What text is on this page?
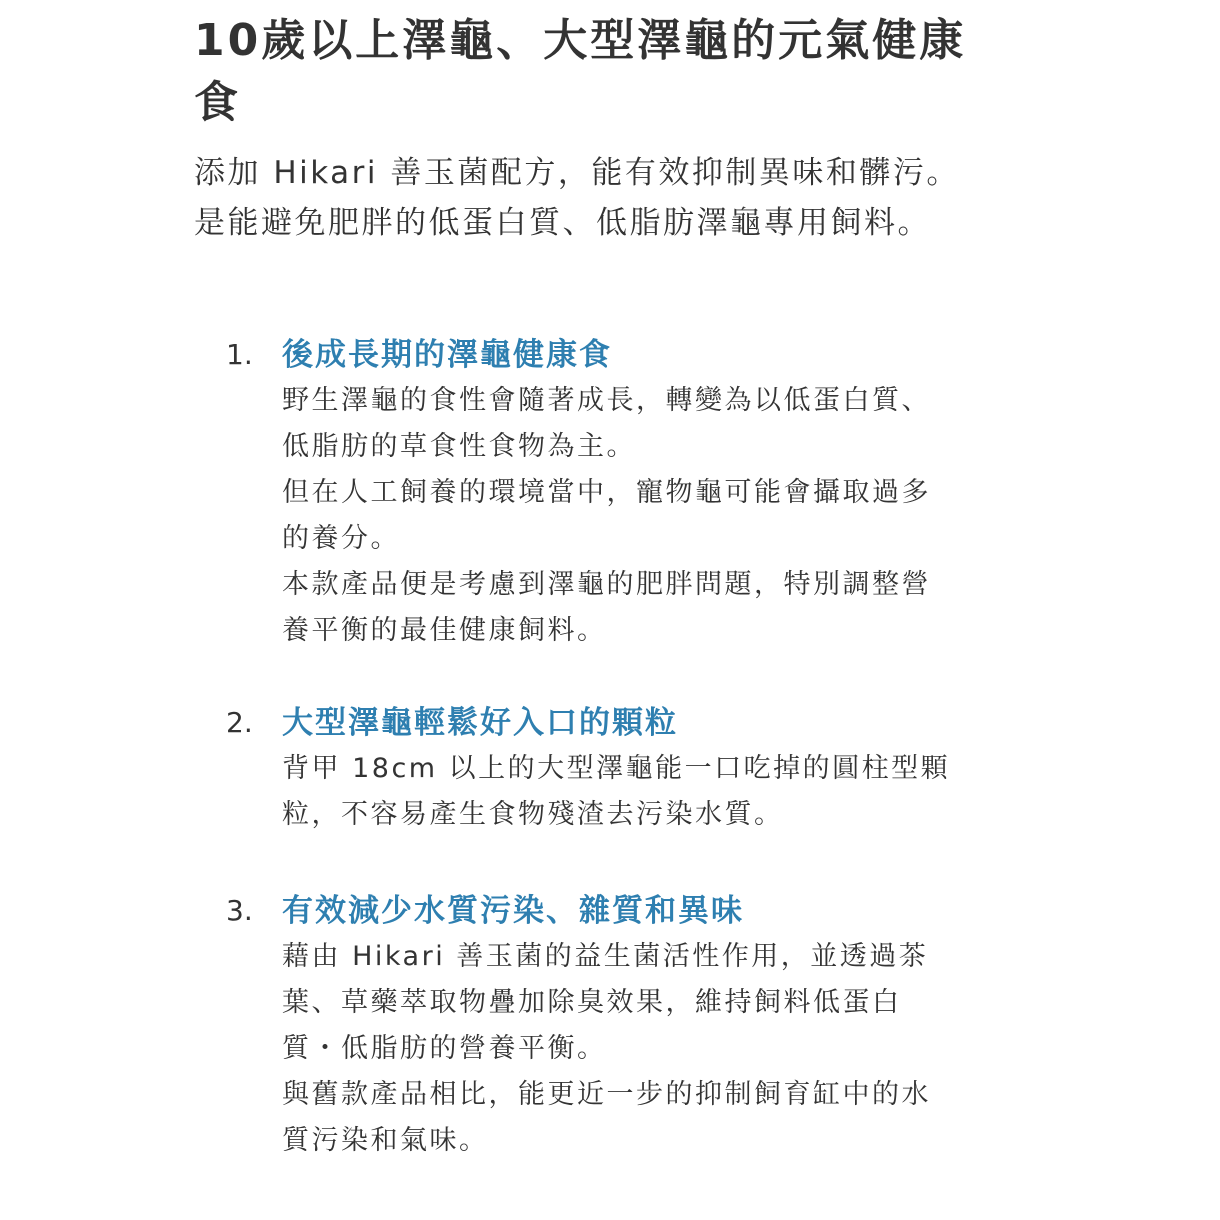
10歲以上澤龜、大型澤龜的元氣健康
食

添加 Hikari 善玉菌配方，能有效抑制異味和髒污。

是能避免肥胖的低蛋白質、低脂肪澤龜專用飼料。

1. 後成長期的澤龜健康食

野生澤龜的食性會隨著成長，轉變為以低蛋白質、

低脂肪的草食性食物為主。

但在人工飼養的環境當中，寵物龜可能會攝取過多

的養分。

本款產品便是考慮到澤龜的肥胖問題，特別調整營

養平衡的最佳健康飼料。

2. 大型澤龜輕鬆好入口的顆粒

背甲 18cm 以上的大型澤龜能一口吃掉的圓柱型顆

粒，不容易產生食物殘渣去污染水質。

3. 有效減少水質污染、雜質和異味

藉由 Hikari 善玉菌的益生菌活性作用，並透過茶

葉、草藥萃取物疊加除臭效果，維持飼料低蛋白

質・低脂肪的營養平衡。

與舊款產品相比，能更近一步的抑制飼育缸中的水

質污染和氣味。
